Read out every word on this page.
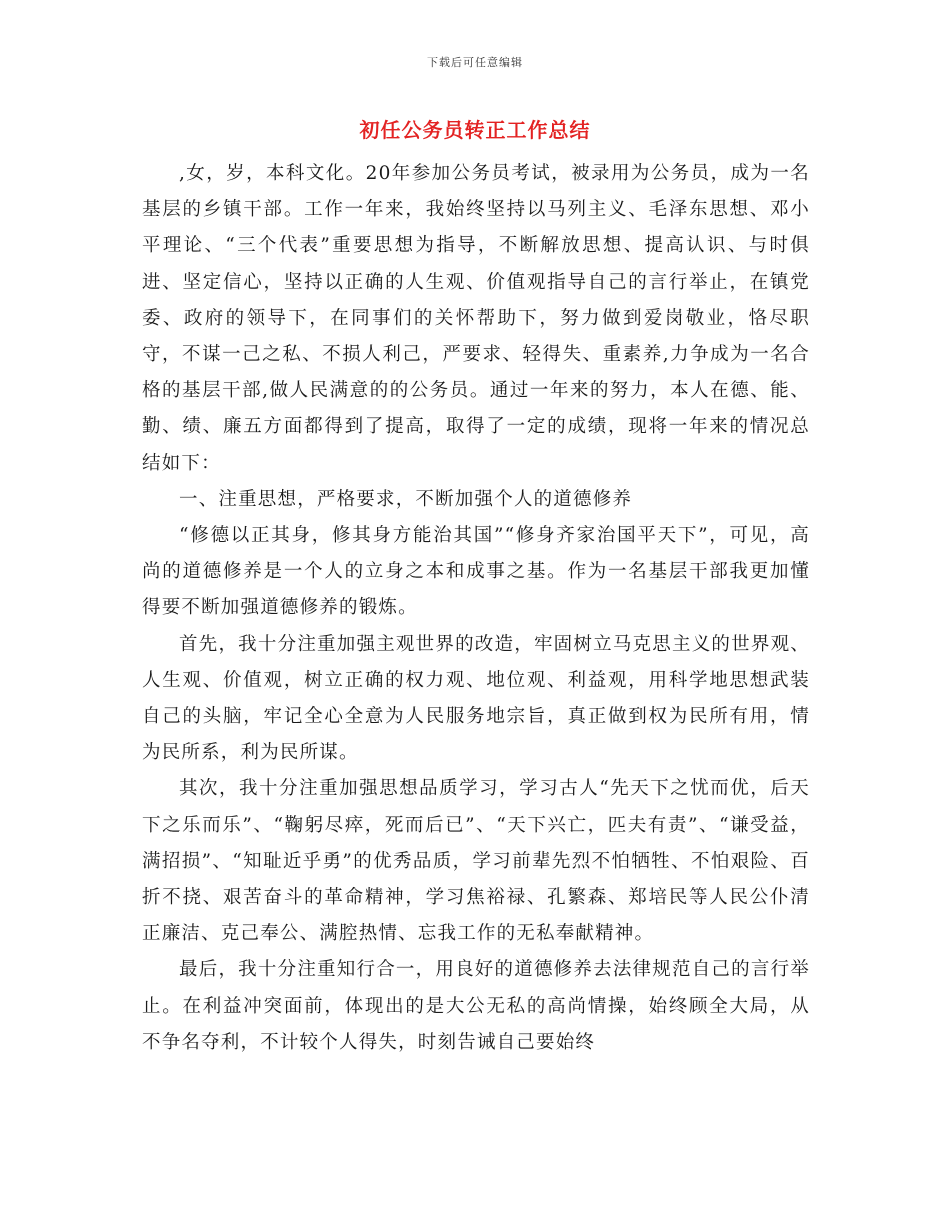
下载后可任意编辑
初任公务员转正工作总结

,女，岁，本科文化。20年参加公务员考试，被录用为公务员，成为一名基层的乡镇干部。工作一年来，我始终坚持以马列主义、毛泽东思想、邓小平理论、“三个代表”重要思想为指导，不断解放思想、提高认识、与时俱进、坚定信心，坚持以正确的人生观、价值观指导自己的言行举止，在镇党委、政府的领导下，在同事们的关怀帮助下，努力做到爱岗敬业，恪尽职守，不谋一己之私、不损人利己，严要求、轻得失、重素养,力争成为一名合格的基层干部,做人民满意的的公务员。通过一年来的努力，本人在德、能、勤、绩、廉五方面都得到了提高，取得了一定的成绩，现将一年来的情况总结如下：

一、注重思想，严格要求，不断加强个人的道德修养

“修德以正其身，修其身方能治其国”“修身齐家治国平天下”，可见，高尚的道德修养是一个人的立身之本和成事之基。作为一名基层干部我更加懂得要不断加强道德修养的锻炼。

首先，我十分注重加强主观世界的改造，牢固树立马克思主义的世界观、人生观、价值观，树立正确的权力观、地位观、利益观，用科学地思想武装自己的头脑，牢记全心全意为人民服务地宗旨，真正做到权为民所有用，情为民所系，利为民所谋。

其次，我十分注重加强思想品质学习，学习古人“先天下之忧而优，后天下之乐而乐”、“鞠躬尽瘁，死而后已”、“天下兴亡，匹夫有责”、“谦受益，满招损”、“知耻近乎勇”的优秀品质，学习前辈先烈不怕牺牲、不怕艰险、百折不挠、艰苦奋斗的革命精神，学习焦裕禄、孔繁森、郑培民等人民公仆清正廉洁、克己奉公、满腔热情、忘我工作的无私奉献精神。

最后，我十分注重知行合一，用良好的道德修养去法律规范自己的言行举止。在利益冲突面前，体现出的是大公无私的高尚情操，始终顾全大局，从不争名夺利，不计较个人得失，时刻告诫自己要始终
